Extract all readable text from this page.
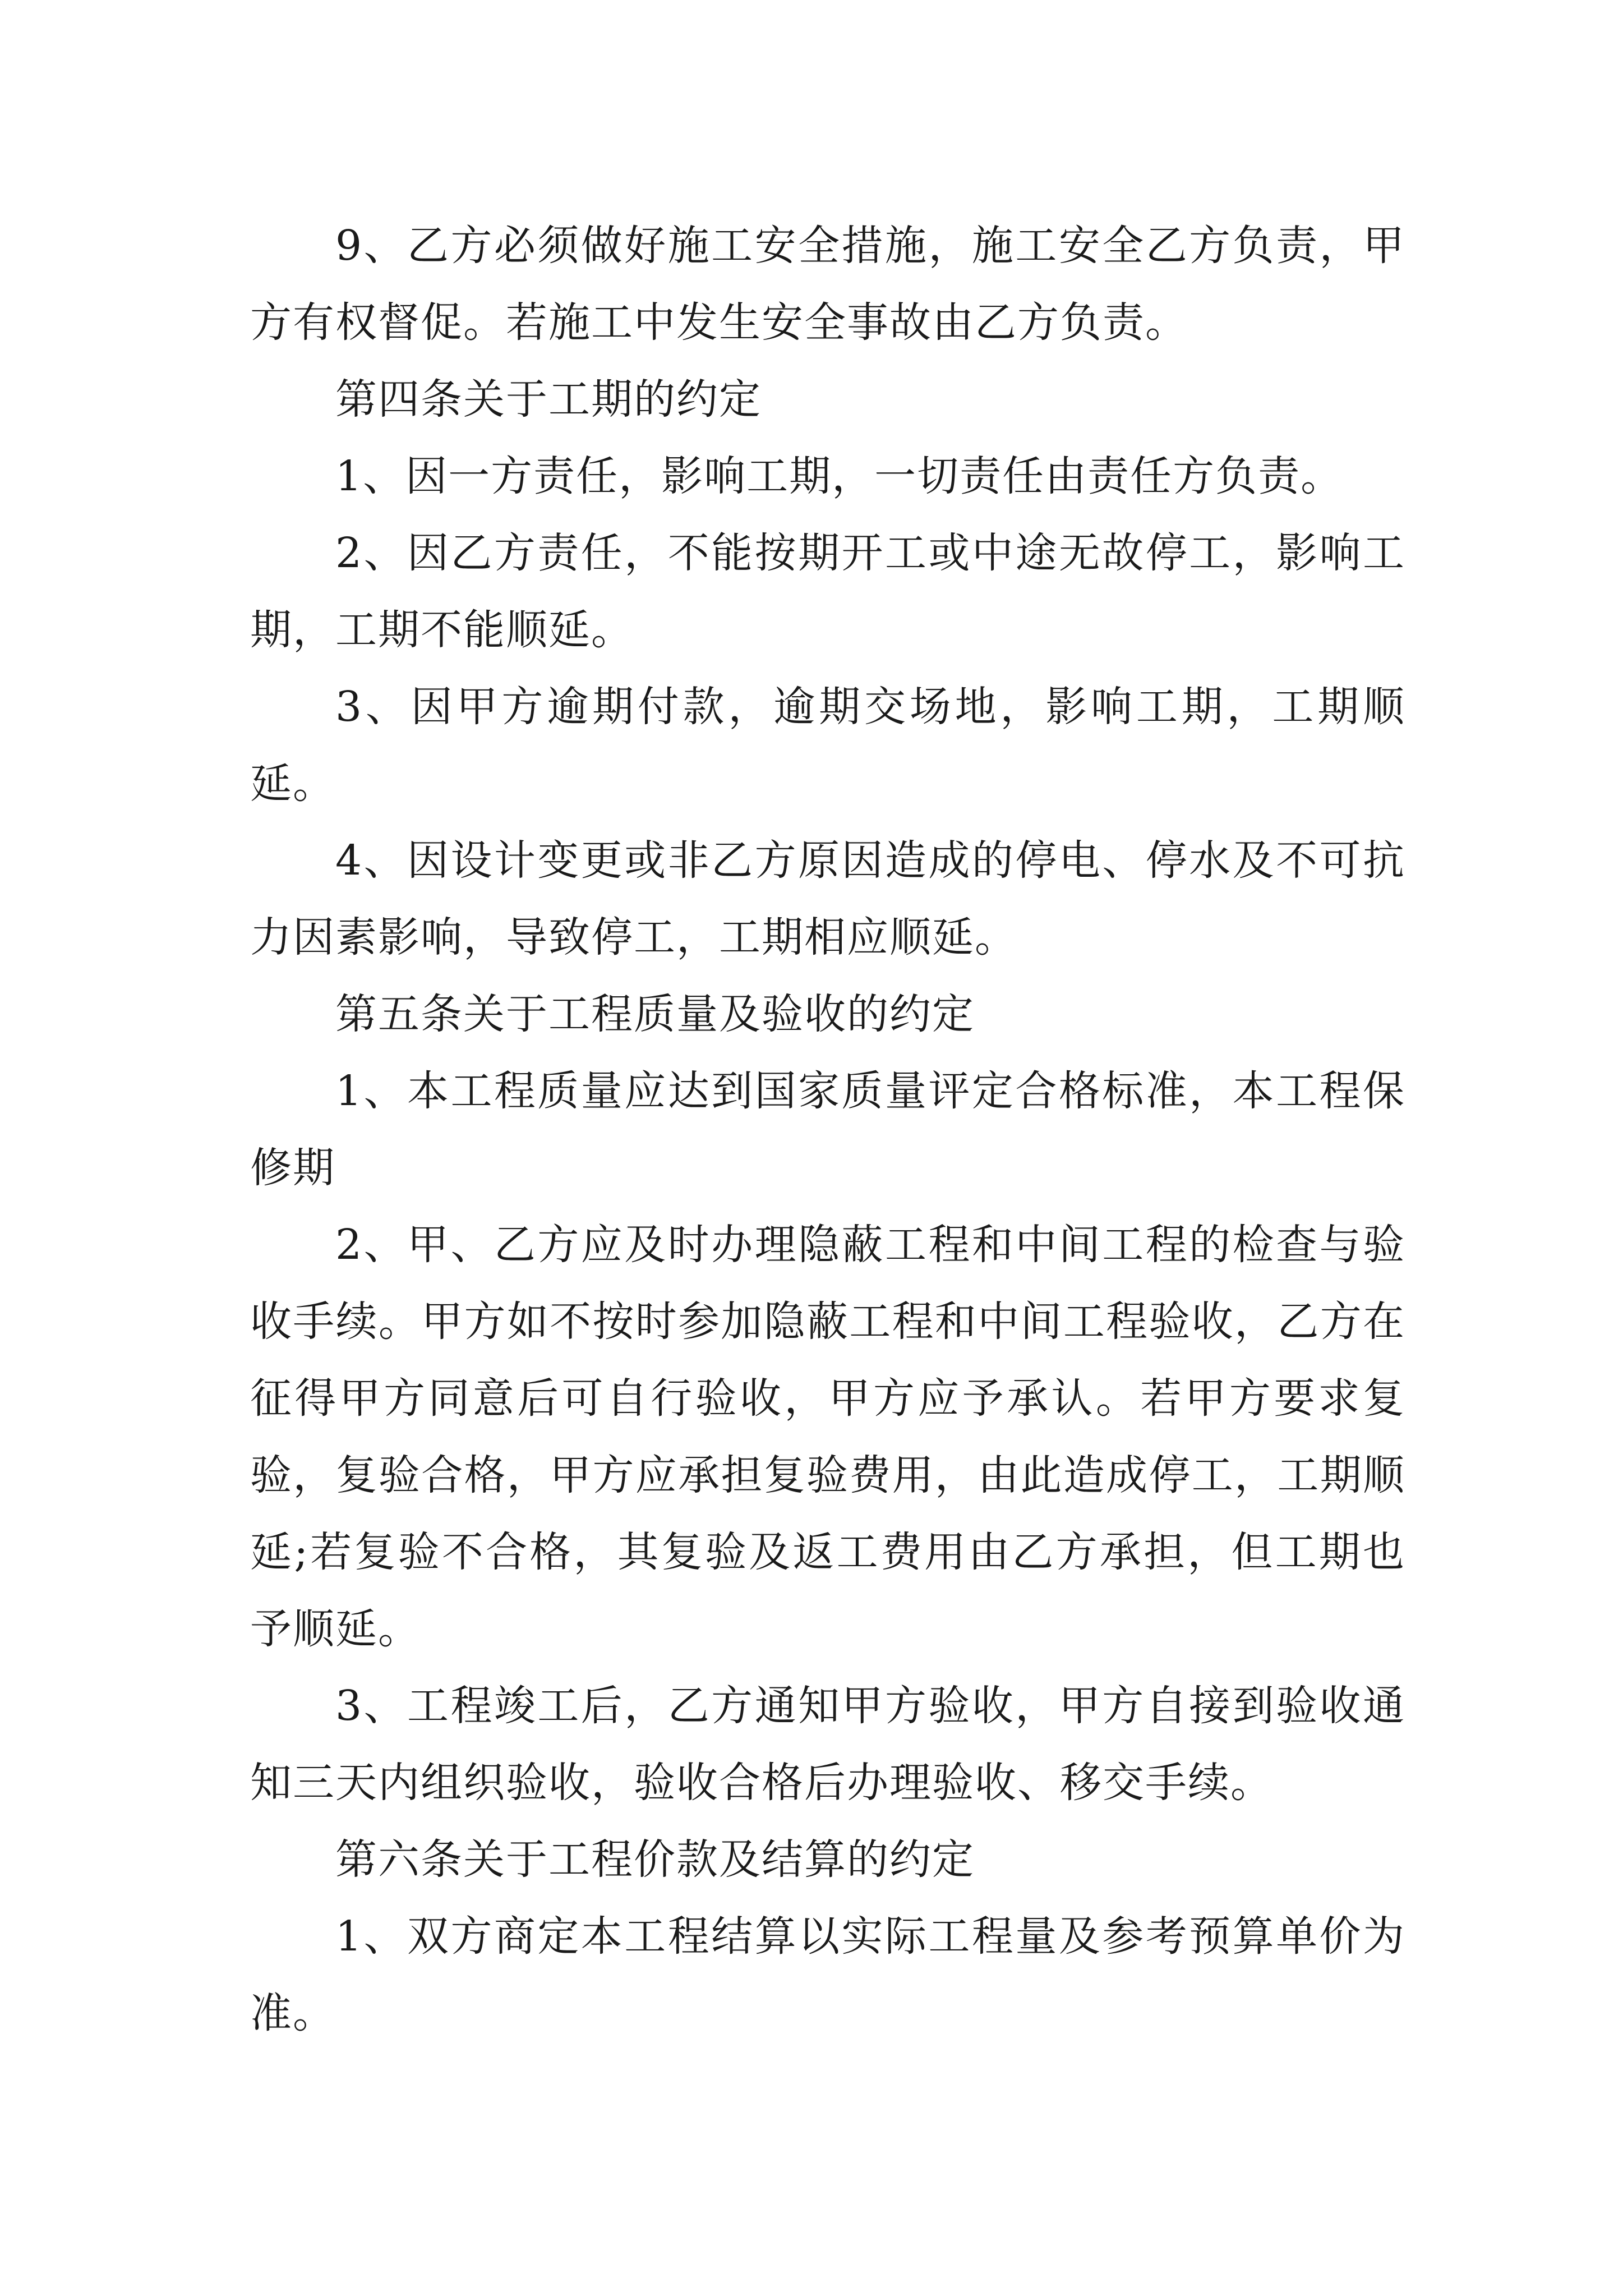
9、乙方必须做好施工安全措施，施工安全乙方负责，甲方有权督促。若施工中发生安全事故由乙方负责。

第四条关于工期的约定

1、因一方责任，影响工期，一切责任由责任方负责。

2、因乙方责任，不能按期开工或中途无故停工，影响工期，工期不能顺延。

3、因甲方逾期付款，逾期交场地，影响工期，工期顺延。

4、因设计变更或非乙方原因造成的停电、停水及不可抗力因素影响，导致停工，工期相应顺延。

第五条关于工程质量及验收的约定

1、本工程质量应达到国家质量评定合格标准，本工程保修期

2、甲、乙方应及时办理隐蔽工程和中间工程的检查与验收手续。甲方如不按时参加隐蔽工程和中间工程验收，乙方在征得甲方同意后可自行验收，甲方应予承认。若甲方要求复验，复验合格，甲方应承担复验费用，由此造成停工，工期顺延;若复验不合格，其复验及返工费用由乙方承担，但工期也予顺延。

3、工程竣工后，乙方通知甲方验收，甲方自接到验收通知三天内组织验收，验收合格后办理验收、移交手续。

第六条关于工程价款及结算的约定

1、双方商定本工程结算以实际工程量及参考预算单价为准。
